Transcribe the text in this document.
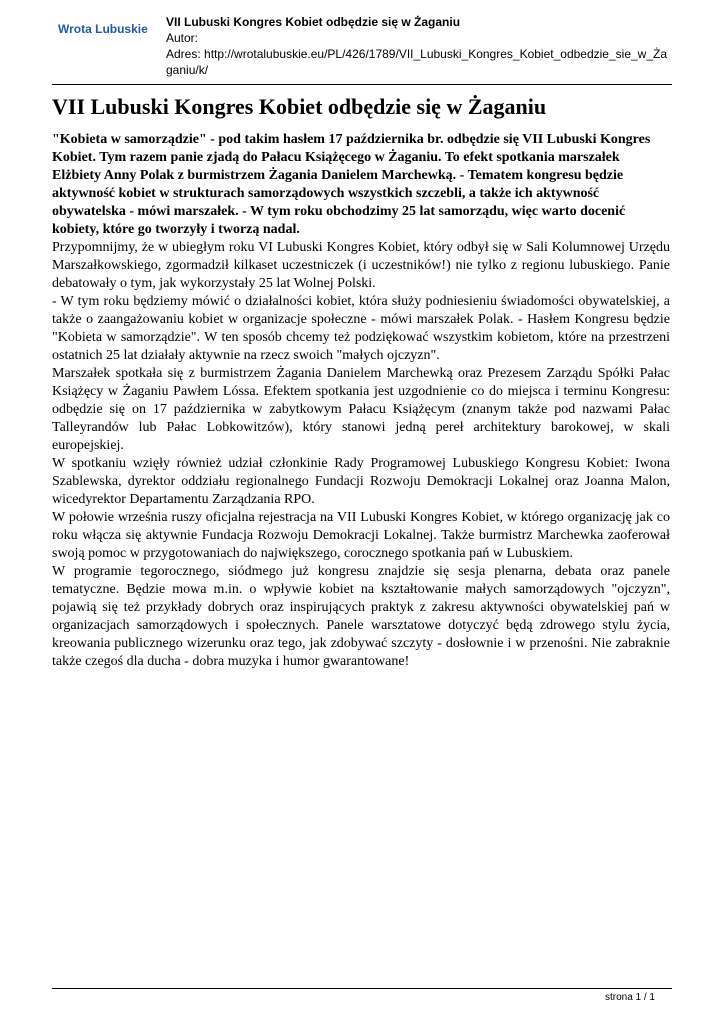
Wrota Lubuskie VII Lubuski Kongres Kobiet odbędzie się w Żaganiu
Autor:
Adres: http://wrotalubuskie.eu/PL/426/1789/VII_Lubuski_Kongres_Kobiet_odbedzie_sie_w_Żaganiu/k/
VII Lubuski Kongres Kobiet odbędzie się w Żaganiu

"Kobieta w samorządzie" - pod takim hasłem 17 października br. odbędzie się VII Lubuski Kongres Kobiet. Tym razem panie zjadą do Pałacu Książęcego w Żaganiu. To efekt spotkania marszałek Elżbiety Anny Polak z burmistrzem Żagania Danielem Marchewką. - Tematem kongresu będzie aktywność kobiet w strukturach samorządowych wszystkich szczebli, a także ich aktywność obywatelska - mówi marszałek. - W tym roku obchodzimy 25 lat samorządu, więc warto docenić kobiety, które go tworzyły i tworzą nadal.

Przypomnijmy, że w ubiegłym roku VI Lubuski Kongres Kobiet, który odbył się w Sali Kolumnowej Urzędu Marszałkowskiego, zgormadził kilkaset uczestniczek (i uczestników!) nie tylko z regionu lubuskiego. Panie debatowały o tym, jak wykorzystały 25 lat Wolnej Polski.

- W tym roku będziemy mówić o działalności kobiet, która służy podniesieniu świadomości obywatelskiej, a także o zaangażowaniu kobiet w organizacje społeczne - mówi marszałek Polak. - Hasłem Kongresu będzie "Kobieta w samorządzie". W ten sposób chcemy też podziękować wszystkim kobietom, które na przestrzeni ostatnich 25 lat działały aktywnie na rzecz swoich "małych ojczyzn".

Marszałek spotkała się z burmistrzem Żagania Danielem Marchewką oraz Prezesem Zarządu Spółki Pałac Książęcy w Żaganiu Pawłem Lóssa. Efektem spotkania jest uzgodnienie co do miejsca i terminu Kongresu: odbędzie się on 17 października w zabytkowym Pałacu Książęcym (znanym także pod nazwami Pałac Talleyrandów lub Pałac Lobkowitzów), który stanowi jedną pereł architektury barokowej, w skali europejskiej.

W spotkaniu wzięły również udział członkinie Rady Programowej Lubuskiego Kongresu Kobiet: Iwona Szablewska, dyrektor oddziału regionalnego Fundacji Rozwoju Demokracji Lokalnej oraz Joanna Malon, wicedyrektor Departamentu Zarządzania RPO.

W połowie września ruszy oficjalna rejestracja na VII Lubuski Kongres Kobiet, w którego organizację jak co roku włącza się aktywnie Fundacja Rozwoju Demokracji Lokalnej. Także burmistrz Marchewka zaoferował swoją pomoc w przygotowaniach do największego, corocznego spotkania pań w Lubuskiem.

W programie tegorocznego, siódmego już kongresu znajdzie się sesja plenarna, debata oraz panele tematyczne. Będzie mowa m.in. o wpływie kobiet na kształtowanie małych samorządowych "ojczyzn", pojawią się też przykłady dobrych oraz inspirujących praktyk z zakresu aktywności obywatelskiej pań w organizacjach samorządowych i społecznych. Panele warsztatowe dotyczyć będą zdrowego stylu życia, kreowania publicznego wizerunku oraz tego, jak zdobywać szczyty - dosłownie i w przenośni. Nie zabraknie także czegoś dla ducha - dobra muzyka i humor gwarantowane!

strona 1 / 1
